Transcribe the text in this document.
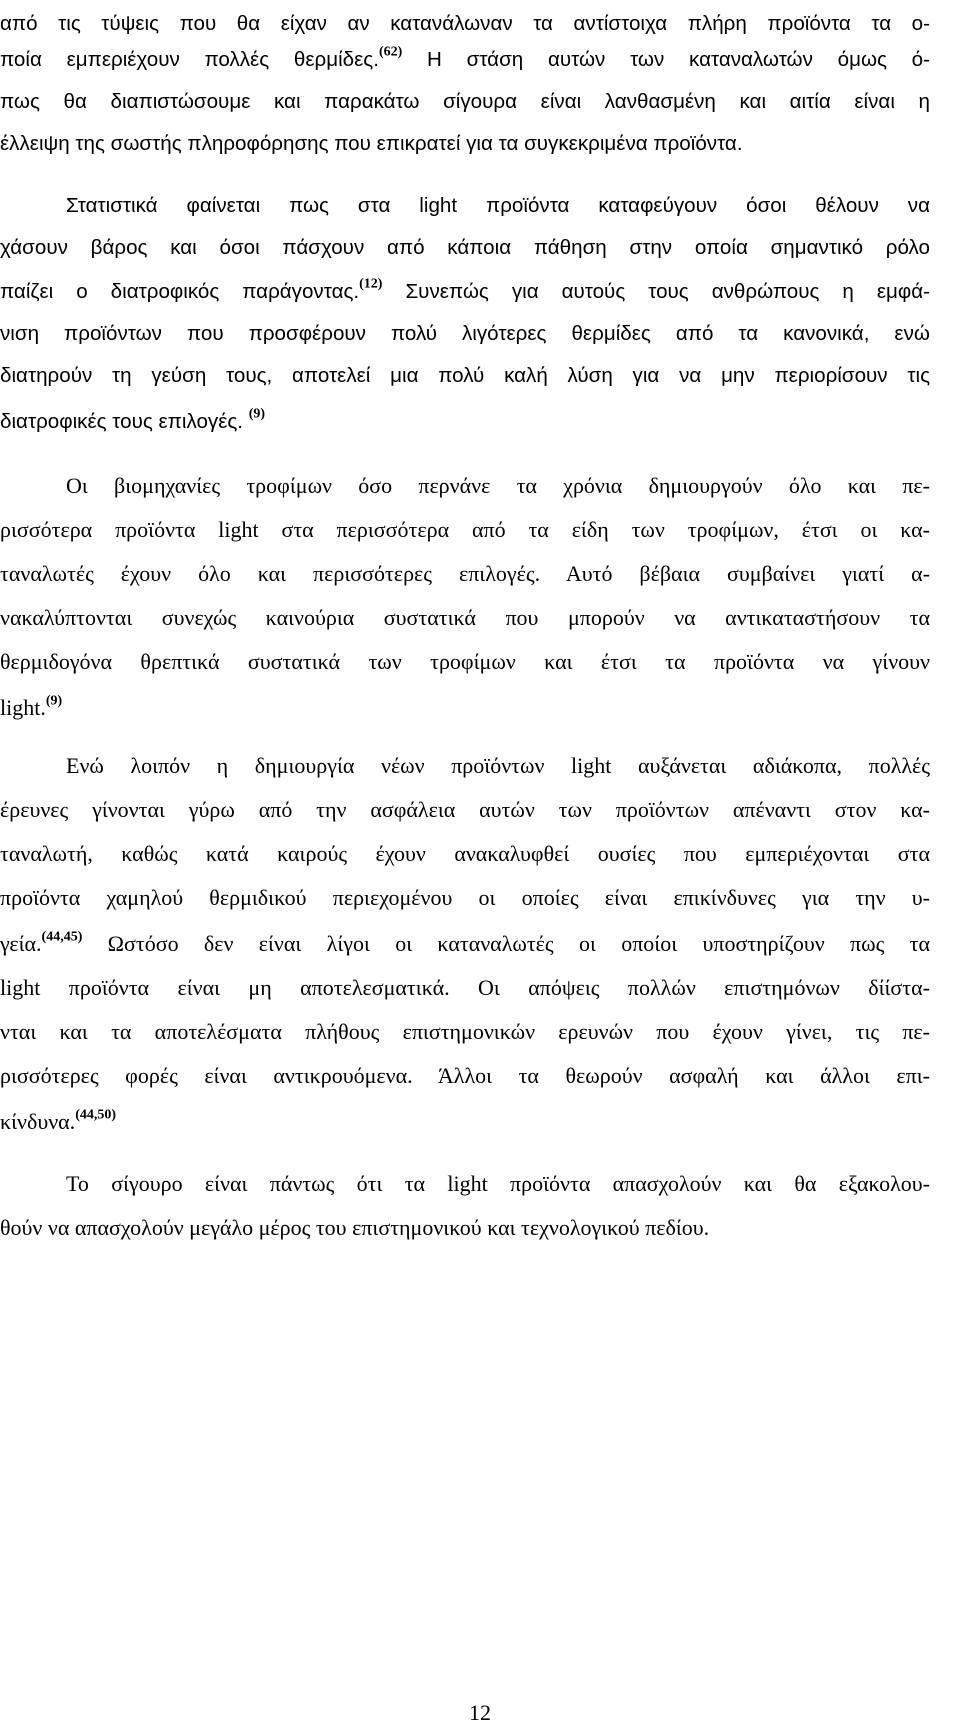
από τις τύψεις που θα είχαν αν κατανάλωναν τα αντίστοιχα πλήρη προϊόντα τα ο-
ποία εμπεριέχουν πολλές θερμίδες.$^{(62)}$ Η στάση αυτών των καταναλωτών όμως ό-
πως θα διαπιστώσουμε και παρακάτω σίγουρα είναι λανθασμένη και αιτία είναι η
έλλειψη της σωστής πληροφόρησης που επικρατεί για τα συγκεκριμένα προϊόντα.
Στατιστικά φαίνεται πως στα light προϊόντα καταφεύγουν όσοι θέλουν να
χάσουν βάρος και όσοι πάσχουν από κάποια πάθηση στην οποία σημαντικό ρόλο
παίζει ο διατροφικός παράγοντας.$^{(12)}$ Συνεπώς για αυτούς τους ανθρώπους η εμφά-
νιση προϊόντων που προσφέρουν πολύ λιγότερες θερμίδες από τα κανονικά, ενώ
διατηρούν τη γεύση τους, αποτελεί μια πολύ καλή λύση για να μην περιορίσουν τις
διατροφικές τους επιλογές. $^{(9)}$
Οι βιομηχανίες τροφίμων όσο περνάνε τα χρόνια δημιουργούν όλο και πε-
ρισσότερα προϊόντα light στα περισσότερα από τα είδη των τροφίμων, έτσι οι κα-
ταναλωτές έχουν όλο και περισσότερες επιλογές. Αυτό βέβαια συμβαίνει γιατί α-
νακαλύπτονται συνεχώς καινούρια συστατικά που μπορούν να αντικαταστήσουν τα
θερμιδογόνα θρεπτικά συστατικά των τροφίμων και έτσι τα προϊόντα να γίνουν
light.$^{(9)}$
Ενώ λοιπόν η δημιουργία νέων προϊόντων light αυξάνεται αδιάκοπα, πολλές
έρευνες γίνονται γύρω από την ασφάλεια αυτών των προϊόντων απέναντι στον κα-
ταναλωτή, καθώς κατά καιρούς έχουν ανακαλυφθεί ουσίες που εμπεριέχονται στα
προϊόντα χαμηλού θερμιδικού περιεχομένου οι οποίες είναι επικίνδυνες για την υ-
γεία.$^{(44,45)}$ Ωστόσο δεν είναι λίγοι οι καταναλωτές οι οποίοι υποστηρίζουν πως τα
light προϊόντα είναι μη αποτελεσματικά. Οι απόψεις πολλών επιστημόνων δίίστα-
νται και τα αποτελέσματα πλήθους επιστημονικών ερευνών που έχουν γίνει, τις πε-
ρισσότερες φορές είναι αντικρουόμενα. Άλλοι τα θεωρούν ασφαλή και άλλοι επι-
κίνδυνα.$^{(44,50)}$
Το σίγουρο είναι πάντως ότι τα light προϊόντα απασχολούν και θα εξακολου-
θούν να απασχολούν μεγάλο μέρος του επιστημονικού και τεχνολογικού πεδίου.
12
